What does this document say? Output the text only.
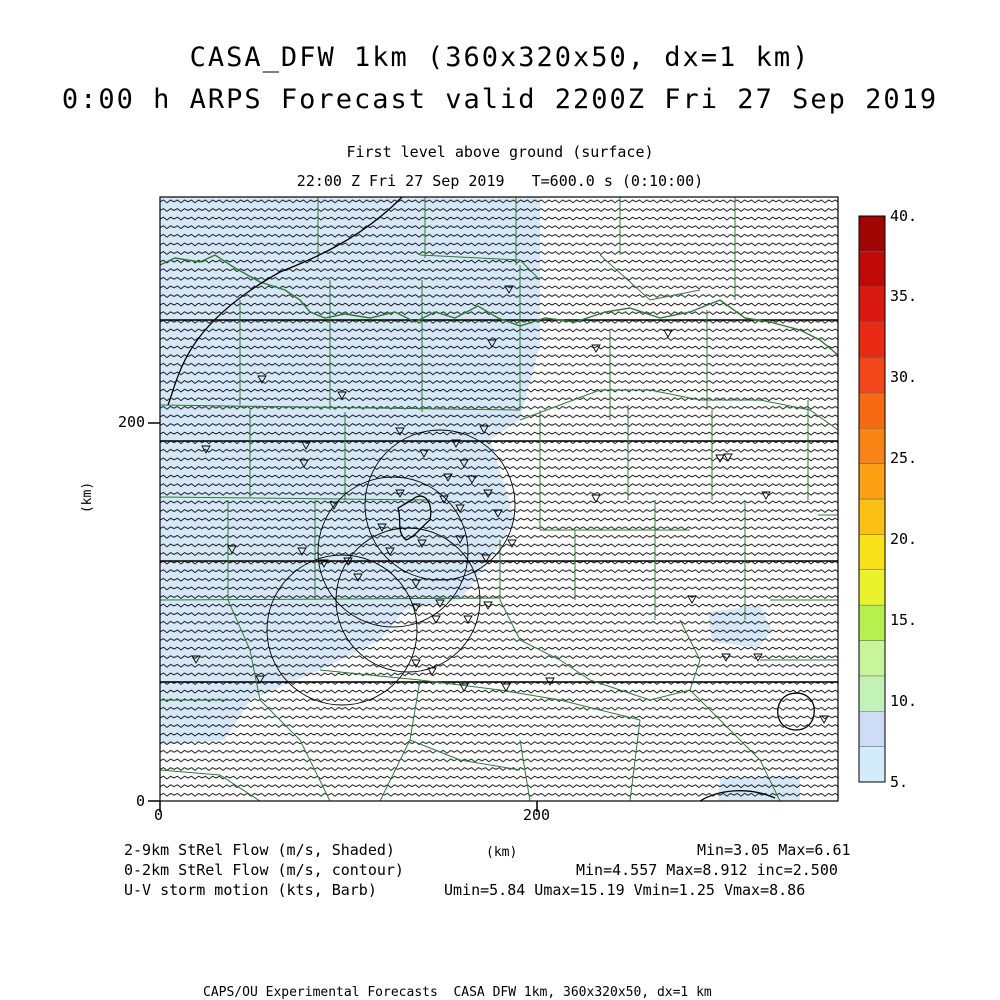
CASA_DFW 1km (360x320x50, dx=1 km)
0:00 h ARPS Forecast valid 2200Z Fri 27 Sep 2019
First level above ground (surface)
22:00 Z Fri 27 Sep 2019   T=600.0 s (0:10:00)
200
0
0	200
(km)
40.
35.
30.
25.
20.
15.
10.
5.
2-9km StRel Flow (m/s, Shaded)
0-2km StRel Flow (m/s, contour)
U-V storm motion (kts, Barb)
(km)	Min=3.05 Max=6.61
Min=4.557 Max=8.912 inc=2.500
Umin=5.84 Umax=15.19 Vmin=1.25 Vmax=8.86
CAPS/OU Experimental Forecasts  CASA DFW 1km, 360x320x50, dx=1 km
